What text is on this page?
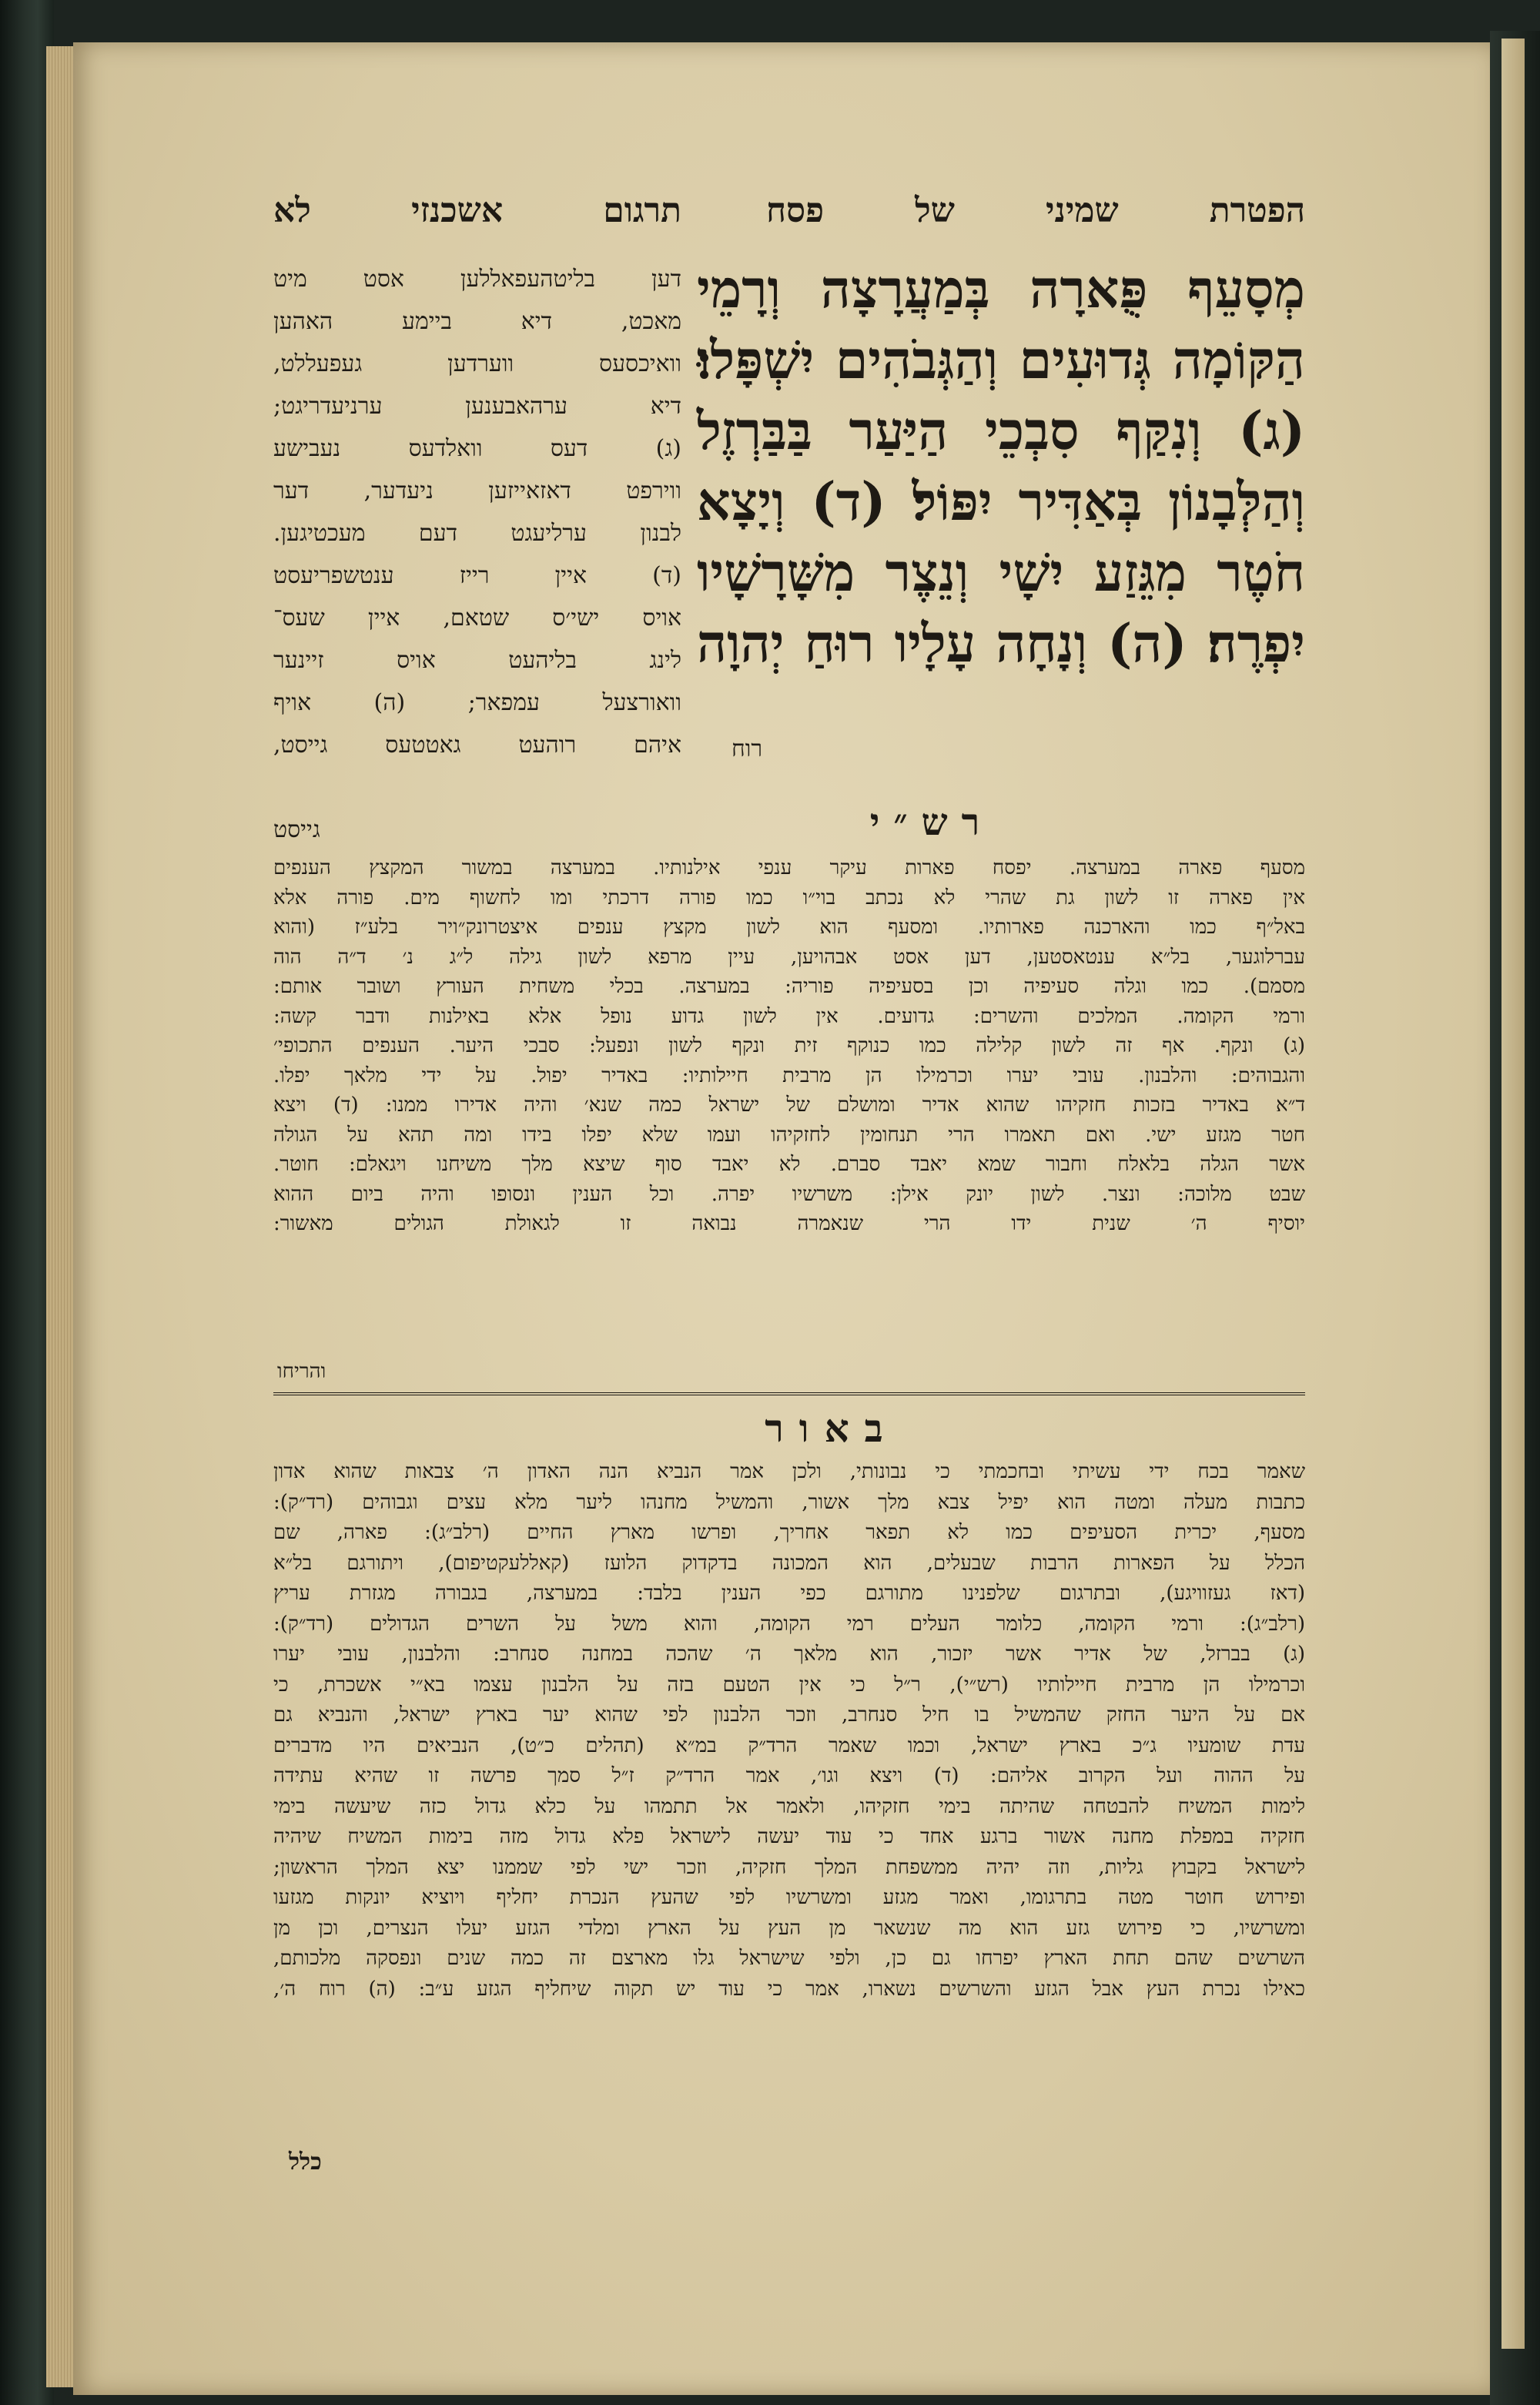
הפטרת שמיני של פסח
תרגום אשכנזי לא
מְסָעֵף פֻּארָה בְּמַעֲרָצָה וְרָמֵי
הַקּוֹמָה גְּדוּעִים וְהַגְּבֹהִים יִשְׁפָּלוּ׃
(ג) וְנִקַּף סִבְכֵי הַיַּעַר בַּבַּרְזֶל
וְהַלְּבָנוֹן בְּאַדִּיר יִפּוֹל׃ (ד) וְיָצָא
חֹטֶר מִגֵּזַע יִשָׁי וְנֵצֶר מִשָּׁרָשָׁיו
יִפְרֶה׃ (ה) וְנָחָה עָלָיו רוּחַ יְהוָה
רוח
דען בליטהעפאללען אסט מיט
מאכט, דיא ביימע האהען
וואיכסעס ווערדען געפעללט,
דיא ערהאבענען ערניעדריגט;
(ג) דעס וואלדעס נעבישע
ווירפט דאזאייזען ניעדער, דער
לבנון ערליעגט דעם מעכטיגען.
(ד) איין רייז ענטשפריעסט
אויס ישי׳ס שטאם, איין שעס־
לינג בליהעט אויס זיינער
וואורצעל עמפאר; (ה) אויף
איהם רוהעט גאטטעס גייסט,
גייסט	רש״י
מסעף פארה במערצה. יפסח פארות עיקר ענפי אילנותיו. במערצה במשור המקצץ הענפים
אין פארה זו לשון גת שהרי לא נכתב בוי״ו כמו פורה דרכתי ומו לחשוף מים. פורה אלא
באל״ף כמו והארכנה פארותיו. ומסעף הוא לשון מקצץ ענפים איצטרונק״ויר בלע״ז (והוא
עברלוגער, בל״א ענטאסטען, דען אסט אבהויען, עיין מרפא לשון גילה ל״ג נ׳ ד״ה הוה
מסמם). כמו וגלה סעיפיה וכן בסעיפיה פוריה: במערצה. בכלי משחית העורץ ושובר אותם:
ורמי הקומה. המלכים והשרים: גדועים. אין לשון גדוע נופל אלא באילנות ודבר קשה:
(ג) ונקף. אף זה לשון קלילה כמו כנוקף זית ונקף לשון ונפעל: סבכי היער. הענפים התכופי׳
והגבוהים: והלבנון. עובי יערו וכרמילו הן מרבית חיילותיו: באדיר יפול. על ידי מלאך יפלו.
ד״א באדיר בזכות חזקיהו שהוא אדיר ומושלם של ישראל כמה שנא׳ והיה אדירו ממנו: (ד) ויצא
חטר מגזע ישי. ואם תאמרו הרי תנחומין לחזקיהו ועמו שלא יפלו בידו ומה תהא על הגולה
אשר הגלה בלאלח וחבור שמא יאבד סברם. לא יאבד סוף שיצא מלך משיחנו ויגאלם: חוטר.
שבט מלוכה: ונצר. לשון יונק אילן: משרשיו יפרה. וכל הענין ונסופו והיה ביום ההוא
יוסיף ה׳ שנית ידו הרי שנאמרה נבואה זו לגאולת הגולים מאשור:
והריחו
באור
שאמר בכח ידי עשיתי ובחכמתי כי נבונותי, ולכן אמר הנביא הנה האדון ה׳ צבאות שהוא אדון
כתבות מעלה ומטה הוא יפיל צבא מלך אשור, והמשיל מחנהו ליער מלא עצים וגבוהים (רד״ק):
מסעף, יכרית הסעיפים כמו לא תפאר אחריך, ופרשו מארץ החיים (רלב״ג): פארה, שם
הכלל על הפארות הרבות שבעלים, הוא המכונה בדקדוק הלועז (קאללעקטיפום), ויתורגם בל״א
(דאז געזוויגע), ובתרגום שלפנינו מתורגם כפי הענין בלבד: במערצה, בגבורה מגזרת עריץ
(רלב״ג): ורמי הקומה, כלומר העלים רמי הקומה, והוא משל על השרים הגדולים (רד״ק):
(ג) בברזל, של אדיר אשר יזכור, הוא מלאך ה׳ שהכה במחנה סנחרב: והלבנון, עובי יערו
וכרמילו הן מרבית חיילותיו (רש״י), ר״ל כי אין הטעם בזה על הלבנון עצמו בא״י אשכרת, כי
אם על היער החזק שהמשיל בו חיל סנחרב, וזכר הלבנון לפי שהוא יער בארץ ישראל, והנביא גם
עדת שומעיו ג״כ בארץ ישראל, וכמו שאמר הרד״ק במ״א (תהלים כ״ט), הנביאים היו מדברים
על ההוה ועל הקרוב אליהם: (ד) ויצא וגו׳, אמר הרד״ק ז״ל סמך פרשה זו שהיא עתידה
לימות המשיח להבטחה שהיתה בימי חזקיהו, ולאמר אל תתמהו על כלא גדול כזה שיעשה בימי
חזקיה במפלת מחנה אשור ברגע אחד כי עוד יעשה לישראל פלא גדול מזה בימות המשיח שיהיה
לישראל בקבוץ גליות, וזה יהיה ממשפחת המלך חזקיה, וזכר ישי לפי שממנו יצא המלך הראשון;
ופירוש חוטר מטה בתרגומו, ואמר מגזע ומשרשיו לפי שהעץ הנכרת יחליף ויוציא יונקות מגזעו
ומשרשיו, כי פירוש גזע הוא מה שנשאר מן העץ על הארץ ומלדי הגזע יעלו הנצרים, וכן מן
השרשים שהם תחת הארץ יפרחו גם כן, ולפי שישראל גלו מארצם זה כמה שנים ונפסקה מלכותם,
כאילו נכרת העץ אבל הגזע והשרשים נשארו, אמר כי עוד יש תקוה שיחליף הגזע ע״ב: (ה) רוח ה׳,
כלל
